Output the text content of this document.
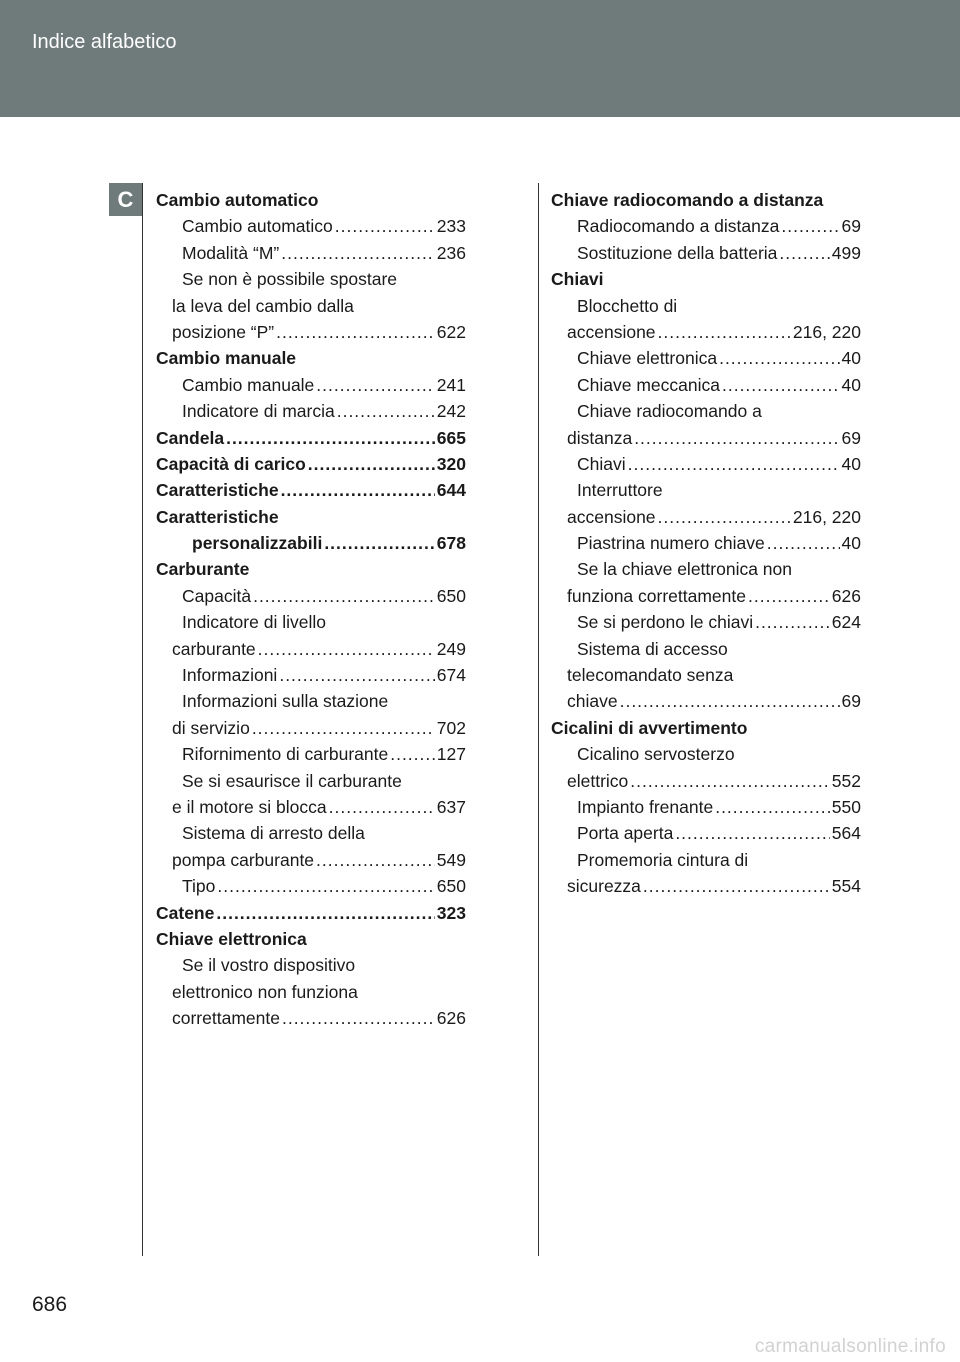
Indice alfabetico
C	Cambio automatico
Cambio automatico .....	233
Modalità “M” .....	236
Se non è possibile spostare
la leva del cambio dalla
posizione “P” .....	622
Cambio manuale
Cambio manuale .....	241
Indicatore di marcia .....	242
Candela .....	665
Capacità di carico .....	320
Caratteristiche .....	644
Caratteristiche
personalizzabili .....	678
Carburante
Capacità .....	650
Indicatore di livello
carburante .....	249
Informazioni .....	674
Informazioni sulla stazione
di servizio .....	702
Rifornimento di carburante .....	127
Se si esaurisce il carburante
e il motore si blocca .....	637
Sistema di arresto della
pompa carburante .....	549
Tipo .....	650
Catene .....	323
Chiave elettronica
Se il vostro dispositivo
elettronico non funziona
correttamente .....	626
Chiave radiocomando a distanza
Radiocomando a distanza .....	69
Sostituzione della batteria .....	499
Chiavi
Blocchetto di
accensione .....	216, 220
Chiave elettronica .....	40
Chiave meccanica .....	40
Chiave radiocomando a
distanza .....	69
Chiavi .....	40
Interruttore
accensione .....	216, 220
Piastrina numero chiave .....	40
Se la chiave elettronica non
funziona correttamente .....	626
Se si perdono le chiavi .....	624
Sistema di accesso
telecomandato senza
chiave .....	69
Cicalini di avvertimento
Cicalino servosterzo
elettrico .....	552
Impianto frenante .....	550
Porta aperta .....	564
Promemoria cintura di
sicurezza .....	554
686
carmanualsonline.info
